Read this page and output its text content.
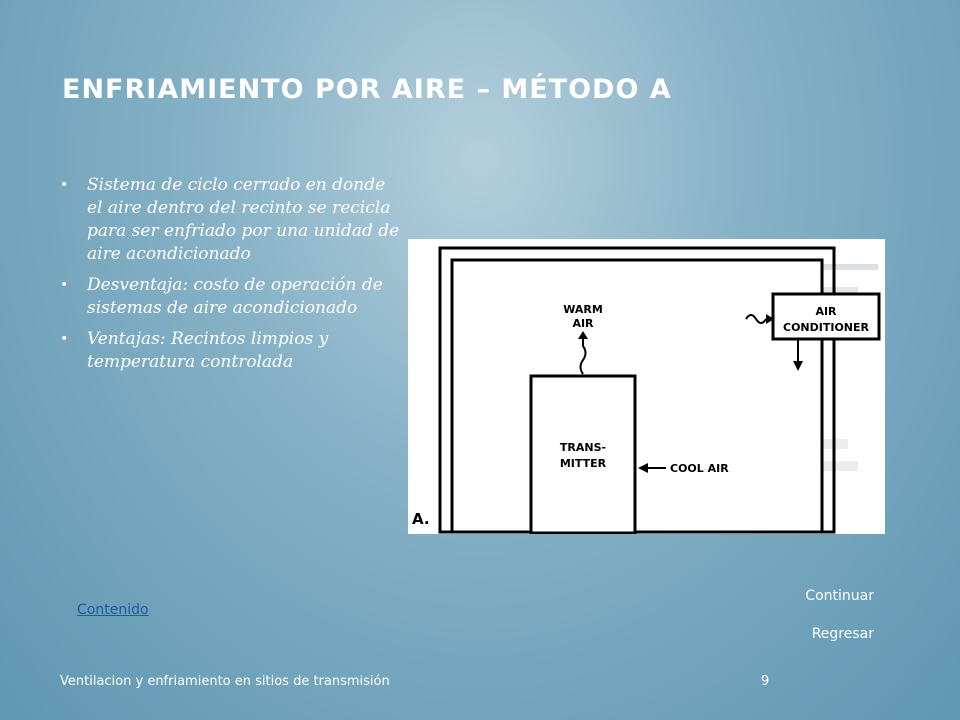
ENFRIAMIENTO POR AIRE – MÉTODO A
• Sistema de ciclo cerrado en donde el aire dentro del recinto se recicla para ser enfriado por una unidad de aire acondicionado
• Desventaja: costo de operación de sistemas de aire acondicionado
• Ventajas: Recintos limpios y temperatura controlada
AIR
CONDITIONER
TRANS-
MITTER
WARM
AIR
COOL AIR
A.
Continuar
Contenido
Regresar
Ventilacion y enfriamiento en sitios de transmisión	9
